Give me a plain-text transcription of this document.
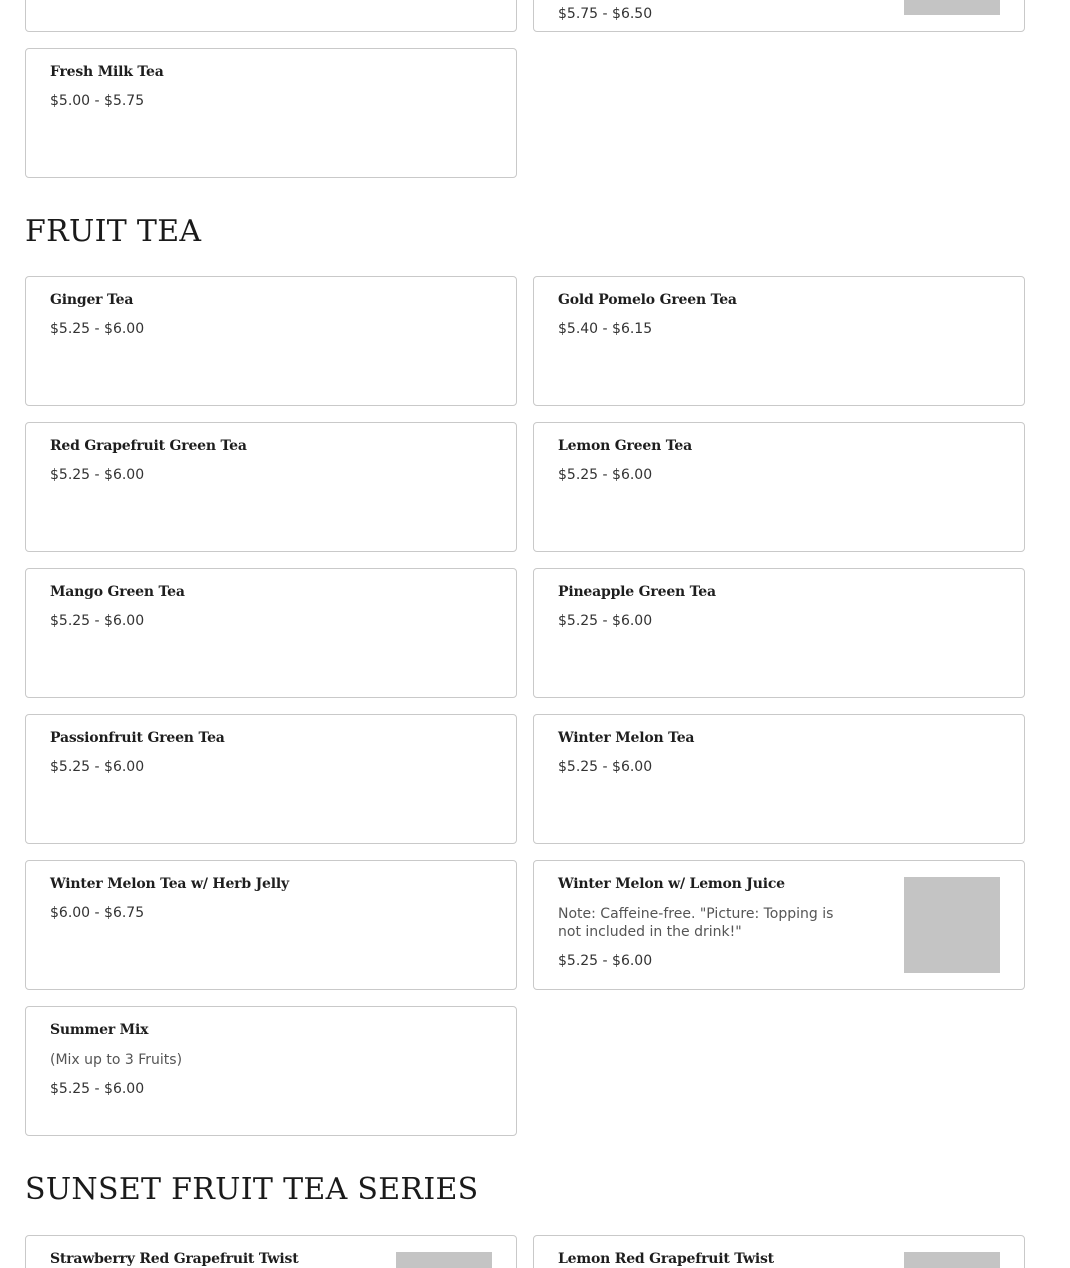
$5.75 - $6.50
Fresh Milk Tea
$5.00 - $5.75
FRUIT TEA
Ginger Tea
$5.25 - $6.00
Gold Pomelo Green Tea
$5.40 - $6.15
Red Grapefruit Green Tea
$5.25 - $6.00
Lemon Green Tea
$5.25 - $6.00
Mango Green Tea
$5.25 - $6.00
Pineapple Green Tea
$5.25 - $6.00
Passionfruit Green Tea
$5.25 - $6.00
Winter Melon Tea
$5.25 - $6.00
Winter Melon Tea w/ Herb Jelly
$6.00 - $6.75
Winter Melon w/ Lemon Juice
Note: Caffeine-free. "Picture: Topping is not included in the drink!"
$5.25 - $6.00
Summer Mix
(Mix up to 3 Fruits)
$5.25 - $6.00
SUNSET FRUIT TEA SERIES
Strawberry Red Grapefruit Twist	Lemon Red Grapefruit Twist
